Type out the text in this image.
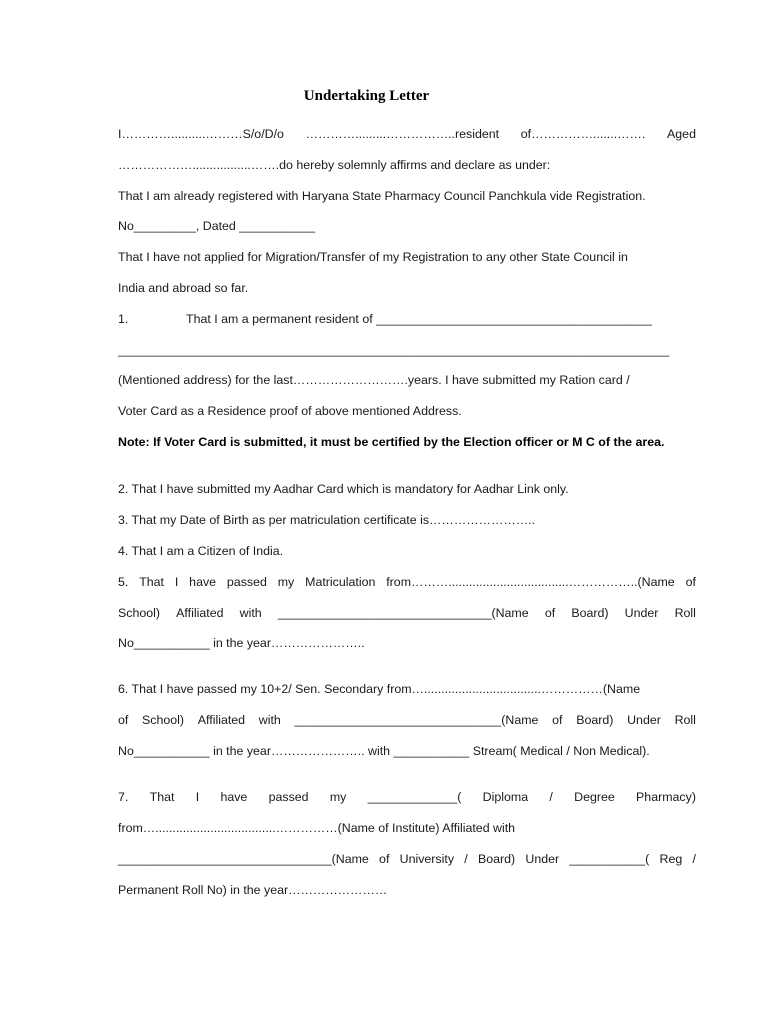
Undertaking Letter
I…………..........………S/o/D/o ………….........……………..resident of…………….......……. Aged
……………….................…….do hereby solemnly affirms and declare as under:
That I am already registered with Haryana State Pharmacy Council Panchkula vide Registration.
No_________, Dated ___________
That I have not applied for Migration/Transfer of my Registration to any other State Council in
India and abroad so far.
1.	That I am a permanent resident of ________________________________________
________________________________________________________________________________
(Mentioned address) for the last……………………….years. I have submitted my Ration card /
Voter Card as a Residence proof of above mentioned Address.
Note: If Voter Card is submitted, it must be certified by the Election officer or M C of the area.
2. That I have submitted my Aadhar Card which is mandatory for Aadhar Link only.
3. That my Date of Birth as per matriculation certificate is……………………..
4. That I am a Citizen of India.
5. That I have passed my Matriculation from………...................................……………..(Name of
School) Affiliated with _______________________________(Name of Board) Under Roll
No___________ in the year…………………..
6. That I have passed my 10+2/ Sen. Secondary from…..................................……………(Name
of School) Affiliated with ______________________________(Name of Board) Under Roll
No___________ in the year………………….. with ___________ Stream( Medical / Non Medical).
7. That I have passed my _____________( Diploma / Degree Pharmacy)
from…...................................……………(Name of Institute) Affiliated with
_______________________________(Name of University / Board) Under ___________( Reg /
Permanent Roll No) in the year……………………
